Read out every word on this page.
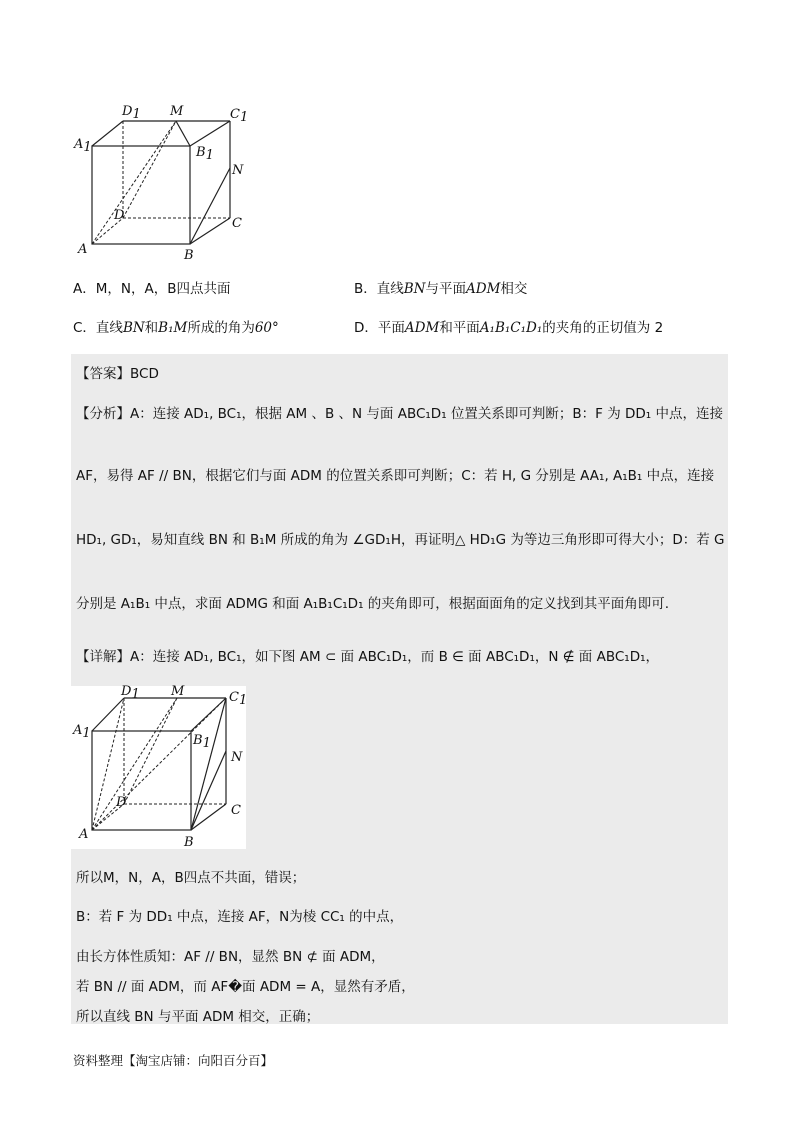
D1 M	C1
A1	B1
N
D
C
A	B
A．M，N，A，B四点共面	B．直线BN与平面ADM相交
C．直线BN和B₁M所成的角为60°	D．平面ADM和平面A₁B₁C₁D₁的夹角的正切值为 2
【答案】BCD
【分析】A：连接 AD₁, BC₁，根据 AM 、B 、N 与面 ABC₁D₁ 位置关系即可判断；B：F 为 DD₁ 中点，连接
AF，易得 AF // BN，根据它们与面 ADM 的位置关系即可判断；C：若 H, G 分别是 AA₁, A₁B₁ 中点，连接
HD₁, GD₁，易知直线 BN 和 B₁M 所成的角为 ∠GD₁H，再证明△ HD₁G 为等边三角形即可得大小；D：若 G
分别是 A₁B₁ 中点，求面 ADMG 和面 A₁B₁C₁D₁ 的夹角即可，根据面面角的定义找到其平面角即可.
【详解】A：连接 AD₁, BC₁，如下图 AM ⊂ 面 ABC₁D₁，而 B ∈ 面 ABC₁D₁，N ∉ 面 ABC₁D₁，
D1 M	C1
A1	B1
N
D
C
A
B
所以M，N，A，B四点不共面，错误；
B：若 F 为 DD₁ 中点，连接 AF，N为棱 CC₁ 的中点，
由长方体性质知：AF // BN，显然 BN ⊄ 面 ADM，
若 BN // 面 ADM，而 AF�面 ADM = A，显然有矛盾，
所以直线 BN 与平面 ADM 相交，正确；
资料整理【淘宝店铺：向阳百分百】
